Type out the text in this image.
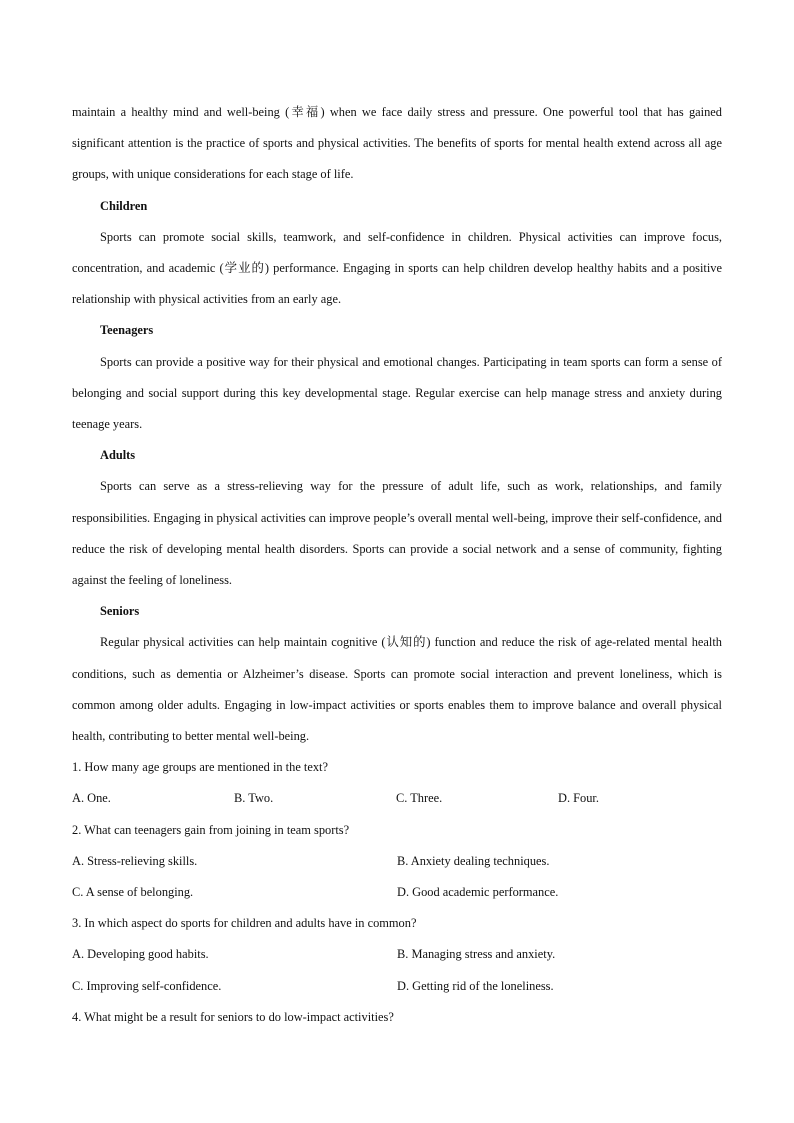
maintain a healthy mind and well-being (幸福) when we face daily stress and pressure. One powerful tool that has gained significant attention is the practice of sports and physical activities. The benefits of sports for mental health extend across all age groups, with unique considerations for each stage of life.

Children

Sports can promote social skills, teamwork, and self-confidence in children. Physical activities can improve focus, concentration, and academic (学业的) performance. Engaging in sports can help children develop healthy habits and a positive relationship with physical activities from an early age.

Teenagers

Sports can provide a positive way for their physical and emotional changes. Participating in team sports can form a sense of belonging and social support during this key developmental stage. Regular exercise can help manage stress and anxiety during teenage years.

Adults

Sports can serve as a stress-relieving way for the pressure of adult life, such as work, relationships, and family responsibilities. Engaging in physical activities can improve people’s overall mental well-being, improve their self-confidence, and reduce the risk of developing mental health disorders. Sports can provide a social network and a sense of community, fighting against the feeling of loneliness.

Seniors

Regular physical activities can help maintain cognitive (认知的) function and reduce the risk of age-related mental health conditions, such as dementia or Alzheimer’s disease. Sports can promote social interaction and prevent loneliness, which is common among older adults. Engaging in low-impact activities or sports enables them to improve balance and overall physical health, contributing to better mental well-being.

1. How many age groups are mentioned in the text?
A. One.	B. Two.	C. Three.	D. Four.
2. What can teenagers gain from joining in team sports?
A. Stress-relieving skills.	B. Anxiety dealing techniques.
C. A sense of belonging.	D. Good academic performance.
3. In which aspect do sports for children and adults have in common?
A. Developing good habits.	B. Managing stress and anxiety.
C. Improving self-confidence.	D. Getting rid of the loneliness.
4. What might be a result for seniors to do low-impact activities?
